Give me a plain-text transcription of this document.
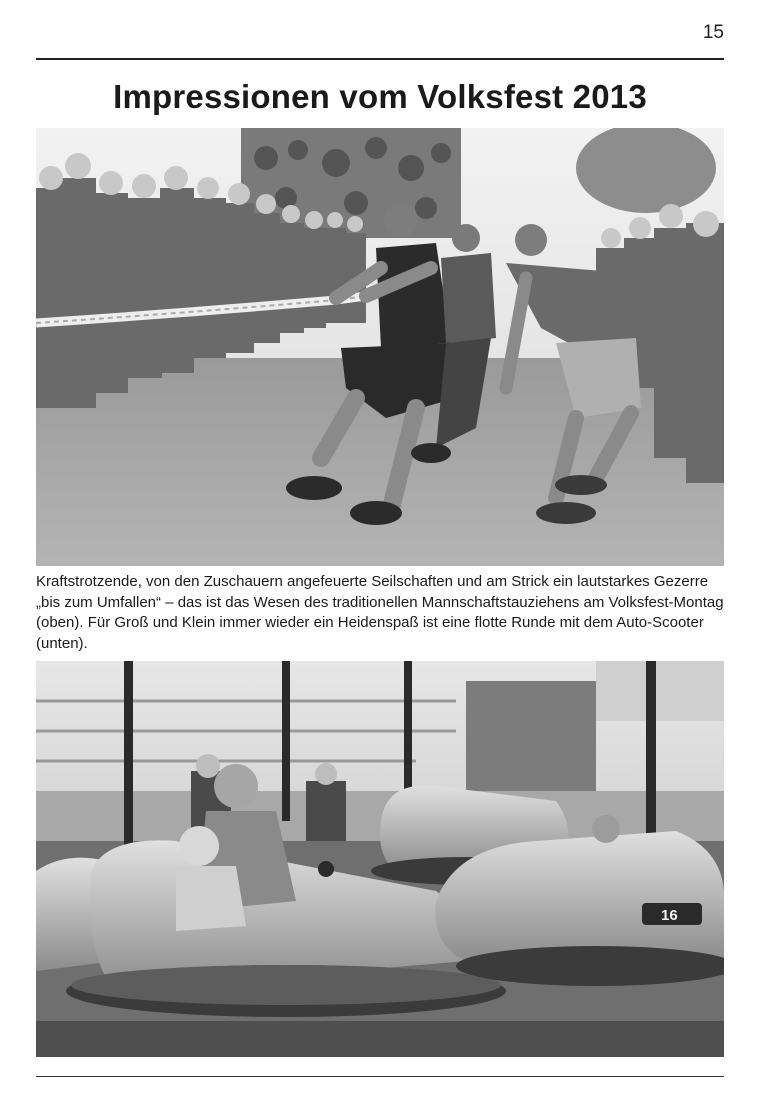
15
Impressionen vom Volksfest 2013

Kraftstrotzende, von den Zuschauern angefeuerte Seilschaften und am Strick ein lautstarkes Gezerre „bis zum Umfallen“ – das ist das Wesen des traditionellen Mannschaftstauziehens am Volksfest-Montag (oben). Für Groß und Klein immer wieder ein Heidenspaß ist eine flotte Runde mit dem Auto-Scooter (unten).

16
